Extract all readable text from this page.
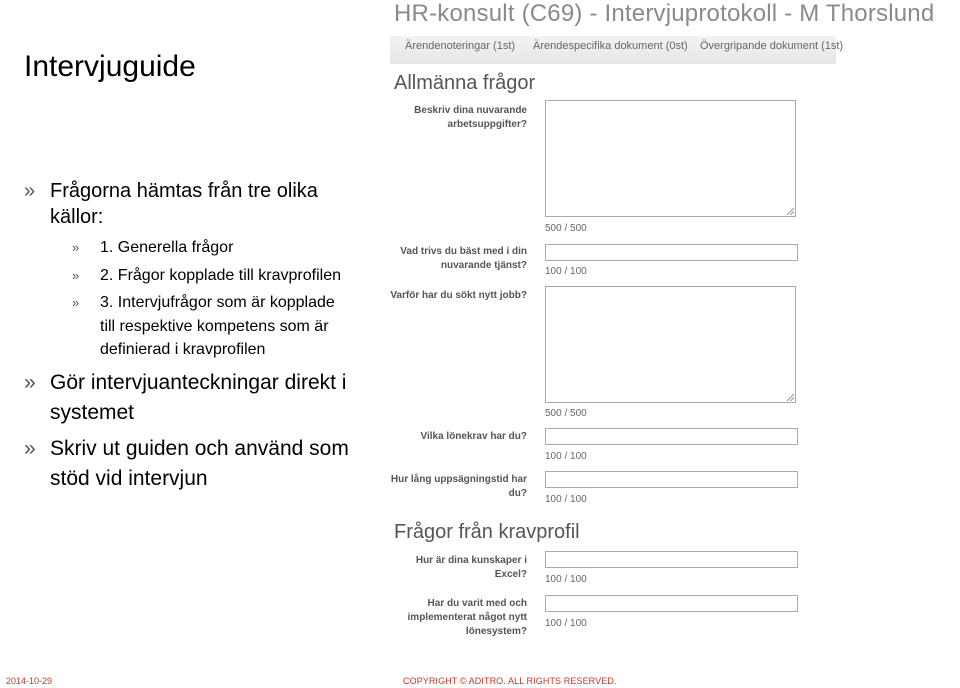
Intervjuguide
» Frågorna hämtas från tre olika källor:
» 1. Generella frågor
» 2. Frågor kopplade till kravprofilen
» 3. Intervjufrågor som är kopplade till respektive kompetens som är definierad i kravprofilen
» Gör intervjuanteckningar direkt i systemet
» Skriv ut guiden och använd som stöd vid intervjun
HR-konsult (C69) - Intervjuprotokoll - M Thorslund
Ärendenoteringar (1st) Ärendespecifika dokument (0st) Övergripande dokument (1st)
Allmänna frågor
Beskriv dina nuvarande arbetsuppgifter?
500 / 500
Vad trivs du bäst med i din nuvarande tjänst?
100 / 100
Varför har du sökt nytt jobb?
500 / 500
Vilka lönekrav har du?
100 / 100
Hur lång uppsägningstid har du?
100 / 100
Frågor från kravprofil
Hur är dina kunskaper i Excel? 100 / 100
Har du varit med och implementerat något nytt lönesystem?
100 / 100
2014-10-29	COPYRIGHT © ADITRO. ALL RIGHTS RESERVED.
